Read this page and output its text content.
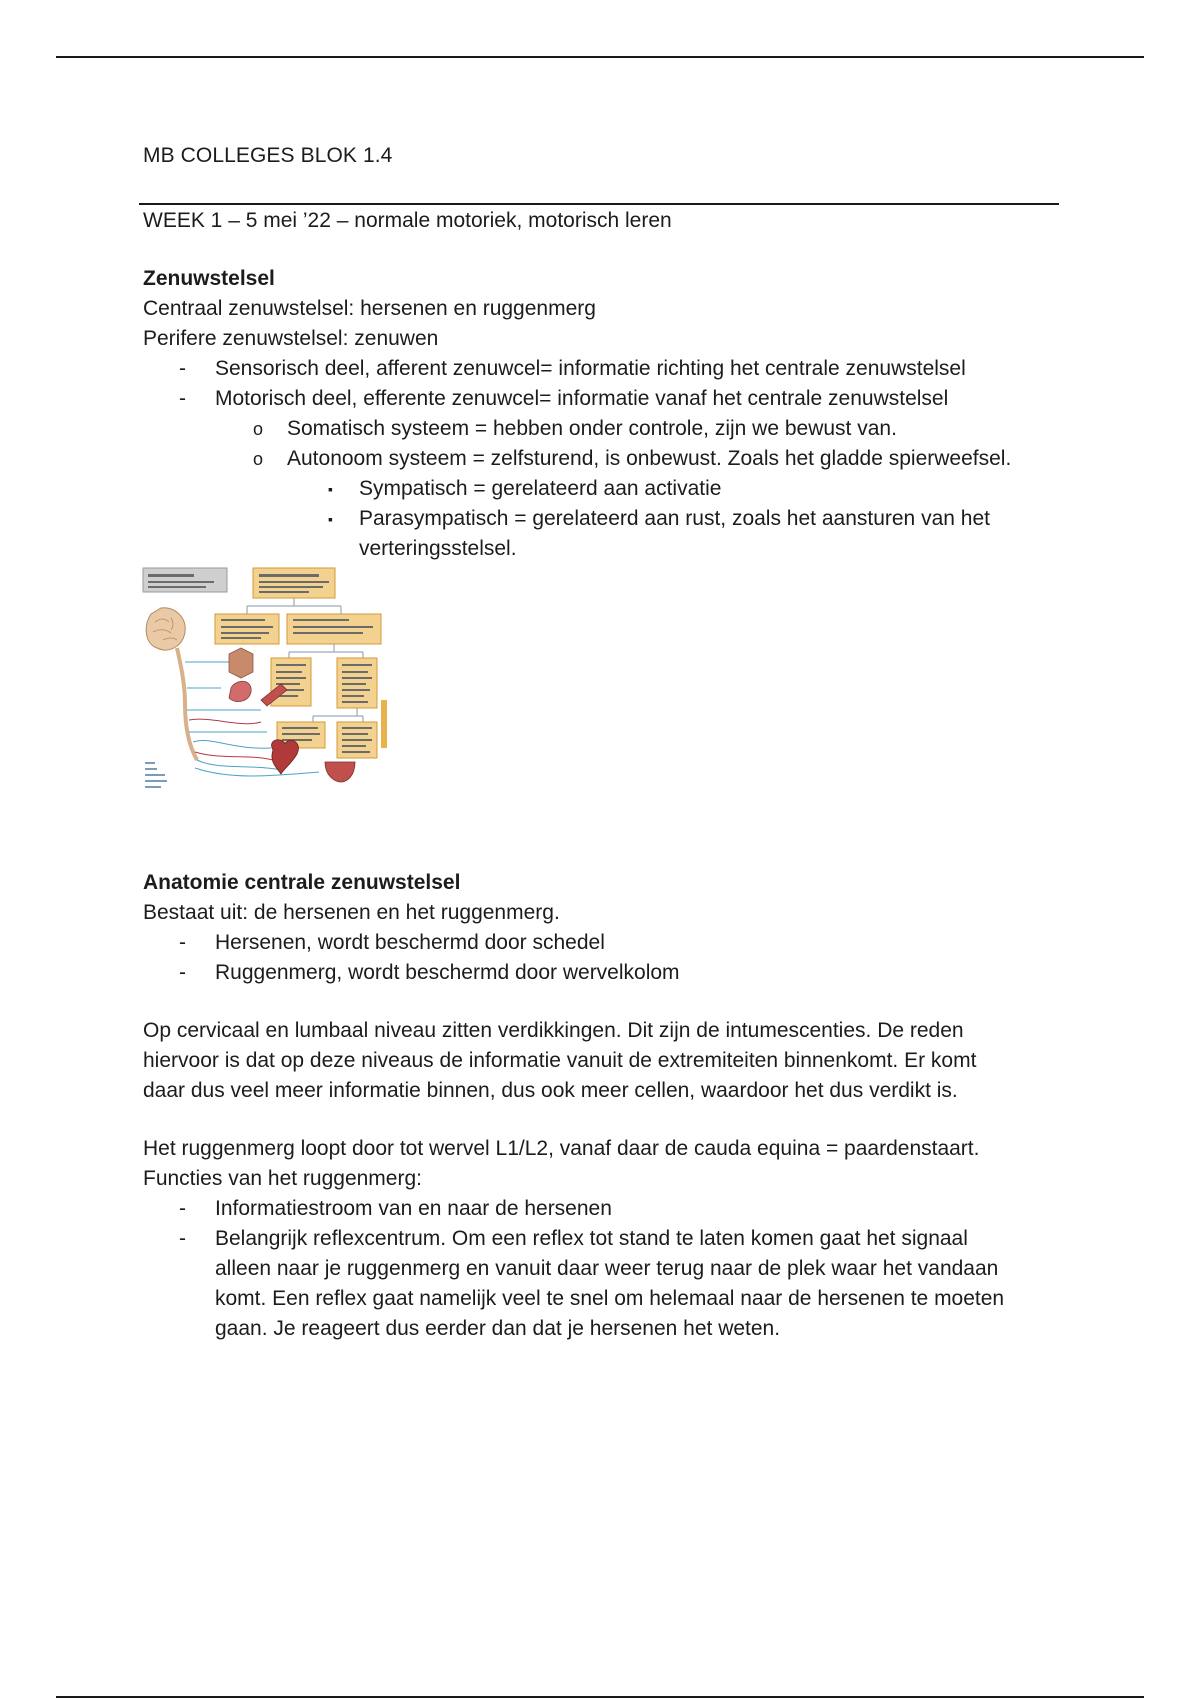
MB COLLEGES BLOK 1.4
WEEK 1 – 5 mei ’22 – normale motoriek, motorisch leren
Zenuwstelsel
Centraal zenuwstelsel: hersenen en ruggenmerg
Perifere zenuwstelsel: zenuwen
- Sensorisch deel, afferent zenuwcel= informatie richting het centrale zenuwstelsel
- Motorisch deel, efferente zenuwcel= informatie vanaf het centrale zenuwstelsel
o Somatisch systeem = hebben onder controle, zijn we bewust van.
o Autonoom systeem = zelfsturend, is onbewust. Zoals het gladde spierweefsel.
▪ Sympatisch = gerelateerd aan activatie
▪ Parasympatisch = gerelateerd aan rust, zoals het aansturen van het
verteringsstelsel.
Anatomie centrale zenuwstelsel
Bestaat uit: de hersenen en het ruggenmerg.
- Hersenen, wordt beschermd door schedel
- Ruggenmerg, wordt beschermd door wervelkolom
Op cervicaal en lumbaal niveau zitten verdikkingen. Dit zijn de intumescenties. De reden
hiervoor is dat op deze niveaus de informatie vanuit de extremiteiten binnenkomt. Er komt
daar dus veel meer informatie binnen, dus ook meer cellen, waardoor het dus verdikt is.
Het ruggenmerg loopt door tot wervel L1/L2, vanaf daar de cauda equina = paardenstaart.
Functies van het ruggenmerg:
- Informatiestroom van en naar de hersenen
- Belangrijk reflexcentrum. Om een reflex tot stand te laten komen gaat het signaal
alleen naar je ruggenmerg en vanuit daar weer terug naar de plek waar het vandaan
komt. Een reflex gaat namelijk veel te snel om helemaal naar de hersenen te moeten
gaan. Je reageert dus eerder dan dat je hersenen het weten.
